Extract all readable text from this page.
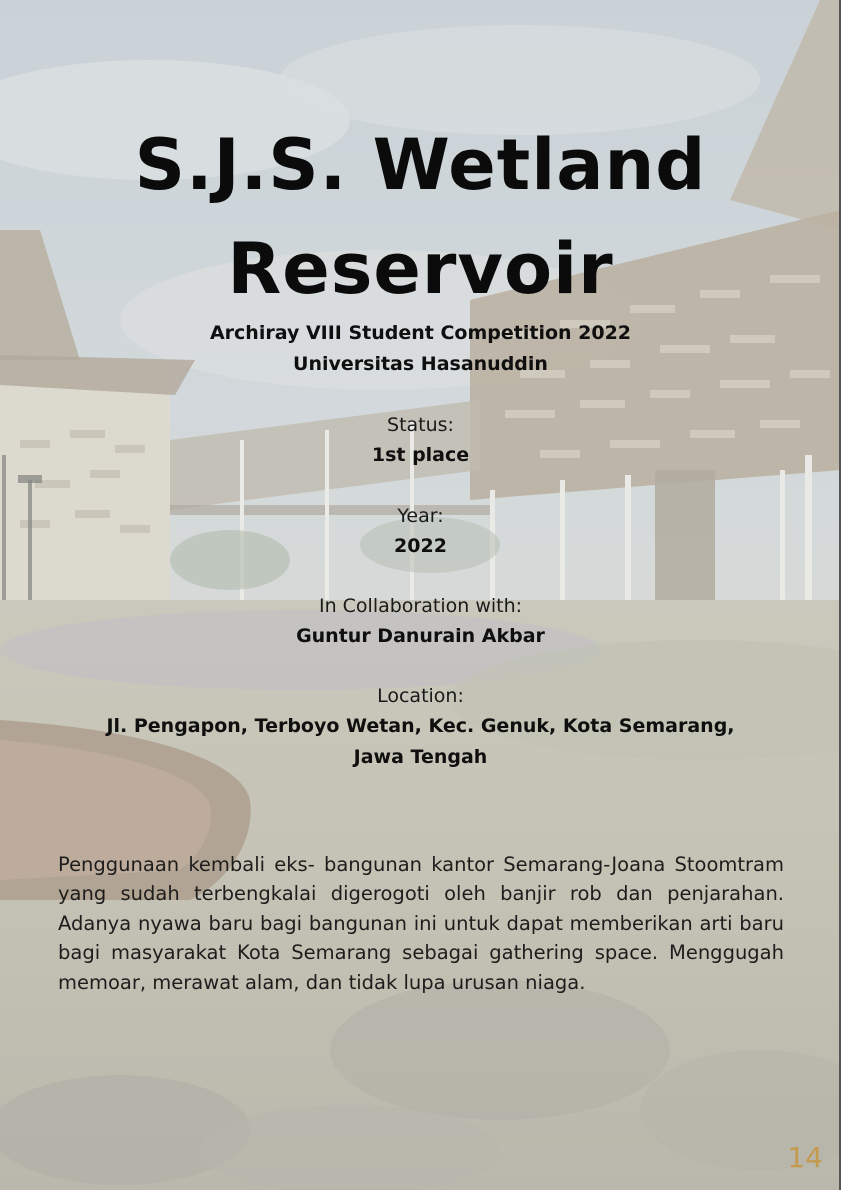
S.J.S. Wetland
Reservoir
Archiray VIII Student Competition 2022
Universitas Hasanuddin
Status:
1st place
Year:
2022
In Collaboration with:
Guntur Danurain Akbar
Location:
Jl. Pengapon, Terboyo Wetan, Kec. Genuk, Kota Semarang,
Jawa Tengah

Penggunaan kembali eks- bangunan kantor Semarang-Joana Stoomtram yang sudah terbengkalai digerogoti oleh banjir rob dan penjarahan. Adanya nyawa baru bagi bangunan ini untuk dapat memberikan arti baru bagi masyarakat Kota Semarang sebagai gathering space. Menggugah memoar, merawat alam, dan tidak lupa urusan niaga.

14
